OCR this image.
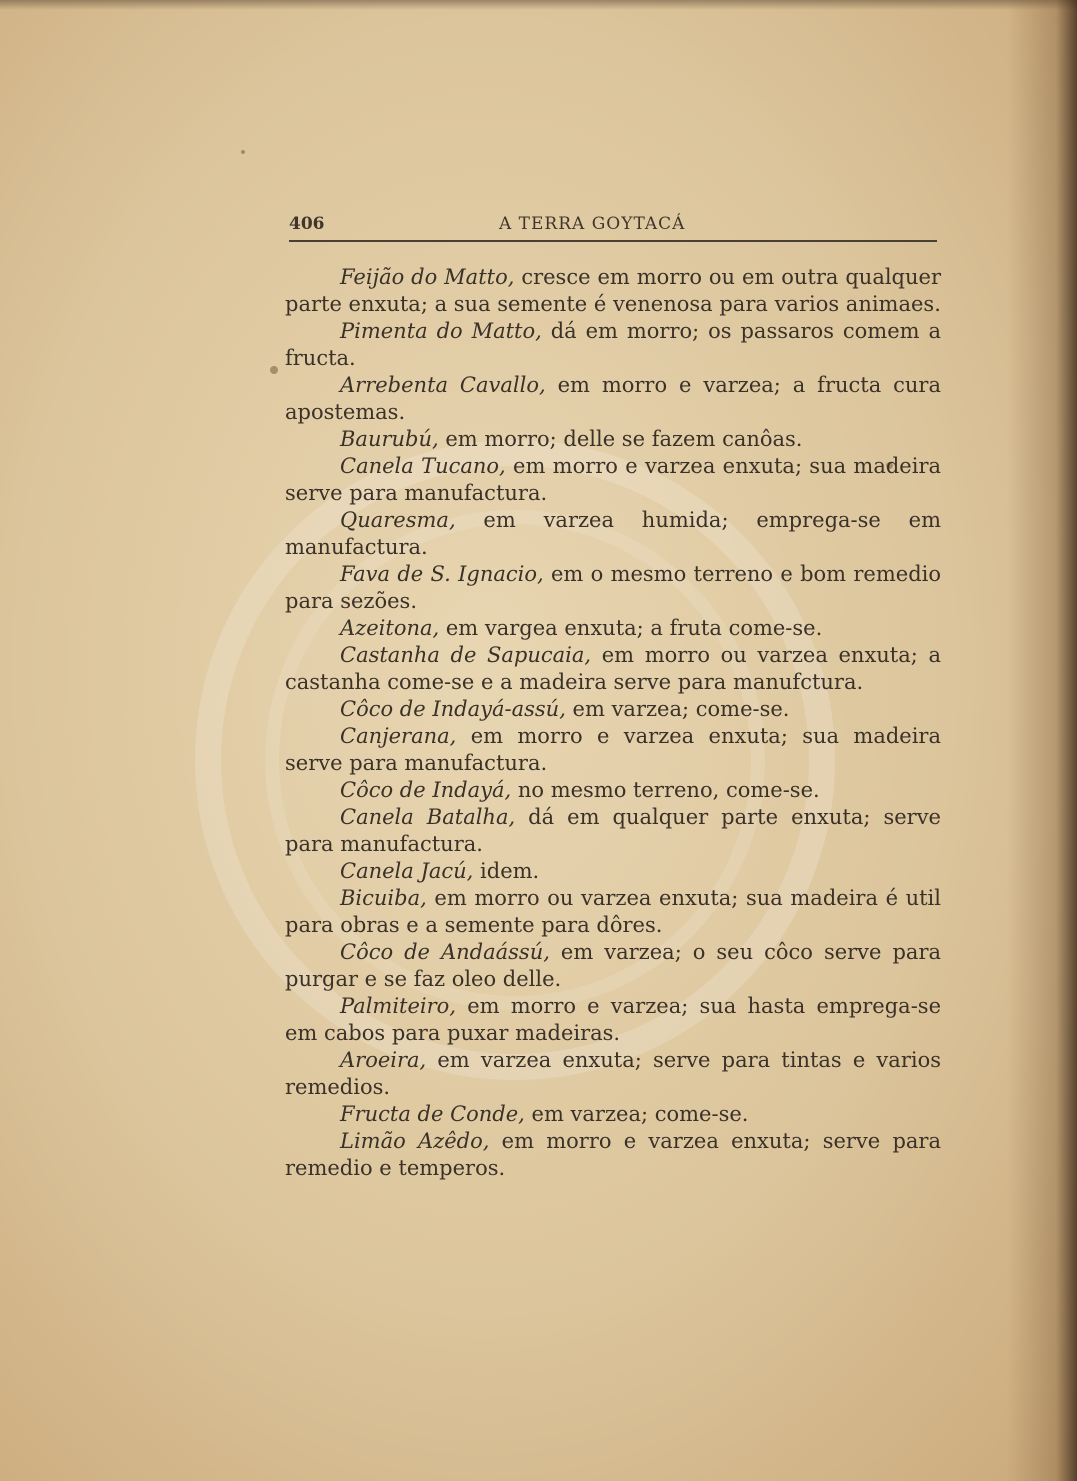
406	A TERRA GOYTACÁ

Feijão do Matto, cresce em morro ou em outra qualquer parte enxuta; a sua semente é venenosa para varios animaes.

Pimenta do Matto, dá em morro; os passaros comem a fructa.

Arrebenta Cavallo, em morro e varzea; a fructa cura apostemas.

Baurubú, em morro; delle se fazem canôas.

Canela Tucano, em morro e varzea enxuta; sua madeira serve para manufactura.

Quaresma, em varzea humida; emprega-se em manufactura.

Fava de S. Ignacio, em o mesmo terreno e bom remedio para sezões.

Azeitona, em vargea enxuta; a fruta come-se.

Castanha de Sapucaia, em morro ou varzea enxuta; a castanha come-se e a madeira serve para manufctura.

Côco de Indayá-assú, em varzea; come-se.

Canjerana, em morro e varzea enxuta; sua madeira serve para manufactura.

Côco de Indayá, no mesmo terreno, come-se.

Canela Batalha, dá em qualquer parte enxuta; serve para manufactura.

Canela Jacú, idem.

Bicuiba, em morro ou varzea enxuta; sua madeira é util para obras e a semente para dôres.

Côco de Andaássú, em varzea; o seu côco serve para purgar e se faz oleo delle.

Palmiteiro, em morro e varzea; sua hasta emprega-se em cabos para puxar madeiras.

Aroeira, em varzea enxuta; serve para tintas e varios remedios.

Fructa de Conde, em varzea; come-se.

Limão Azêdo, em morro e varzea enxuta; serve para remedio e temperos.
